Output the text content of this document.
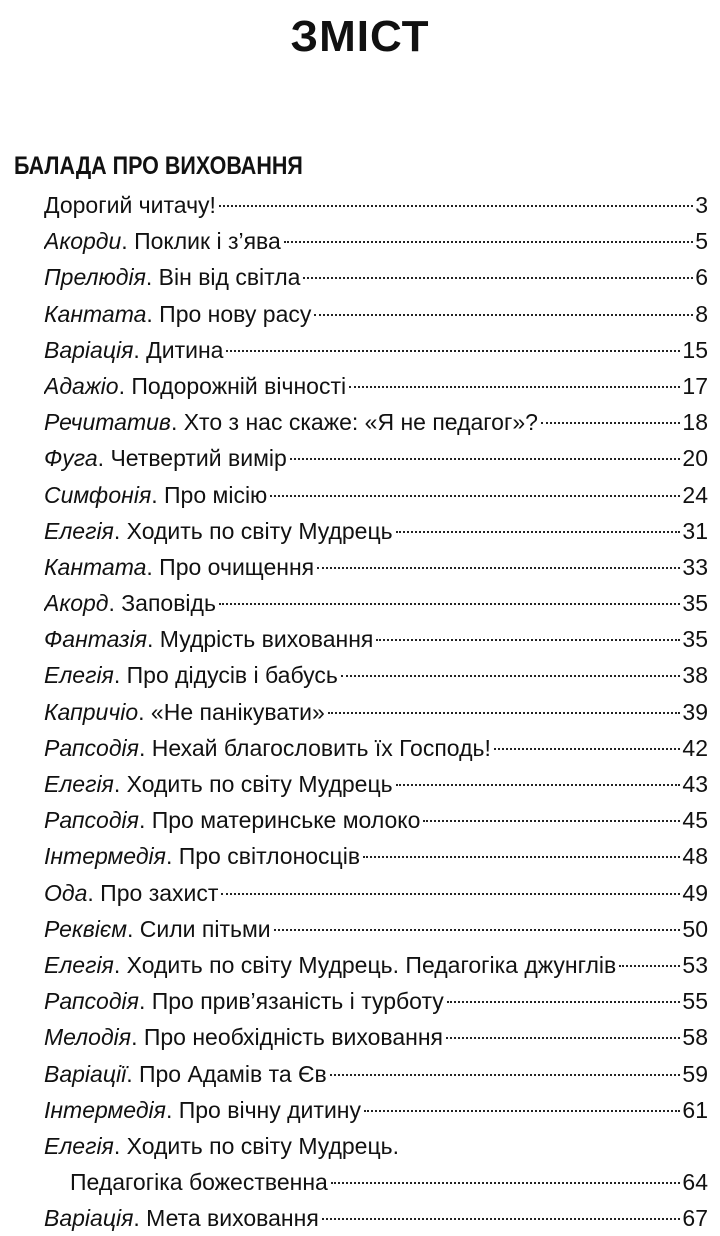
ЗМІСТ
БАЛАДА ПРО ВИХОВАННЯ
Дорогий читачу!	3
Акорди. Поклик і з’ява	5
Прелюдія. Він від світла	6
Кантата. Про нову расу	8
Варіація. Дитина	15
Адажіо. Подорожній вічності	17
Речитатив. Хто з нас скаже: «Я не педагог»?	18
Фуга. Четвертий вимір	20
Симфонія. Про місію	24
Елегія. Ходить по світу Мудрець	31
Кантата. Про очищення	33
Акорд. Заповідь	35
Фантазія. Мудрість виховання	35
Елегія. Про дідусів і бабусь	38
Капричіо. «Не панікувати»	39
Рапсодія. Нехай благословить їх Господь!	42
Елегія. Ходить по світу Мудрець	43
Рапсодія. Про материнське молоко	45
Інтермедія. Про світлоносців	48
Ода. Про захист	49
Реквієм. Сили пітьми	50
Елегія. Ходить по світу Мудрець. Педагогіка джунглів	53
Рапсодія. Про прив’язаність і турботу	55
Мелодія. Про необхідність виховання	58
Варіації. Про Адамів та Єв	59
Інтермедія. Про вічну дитину	61
Елегія. Ходить по світу Мудрець.
Педагогіка божественна	64
Варіація. Мета виховання	67
